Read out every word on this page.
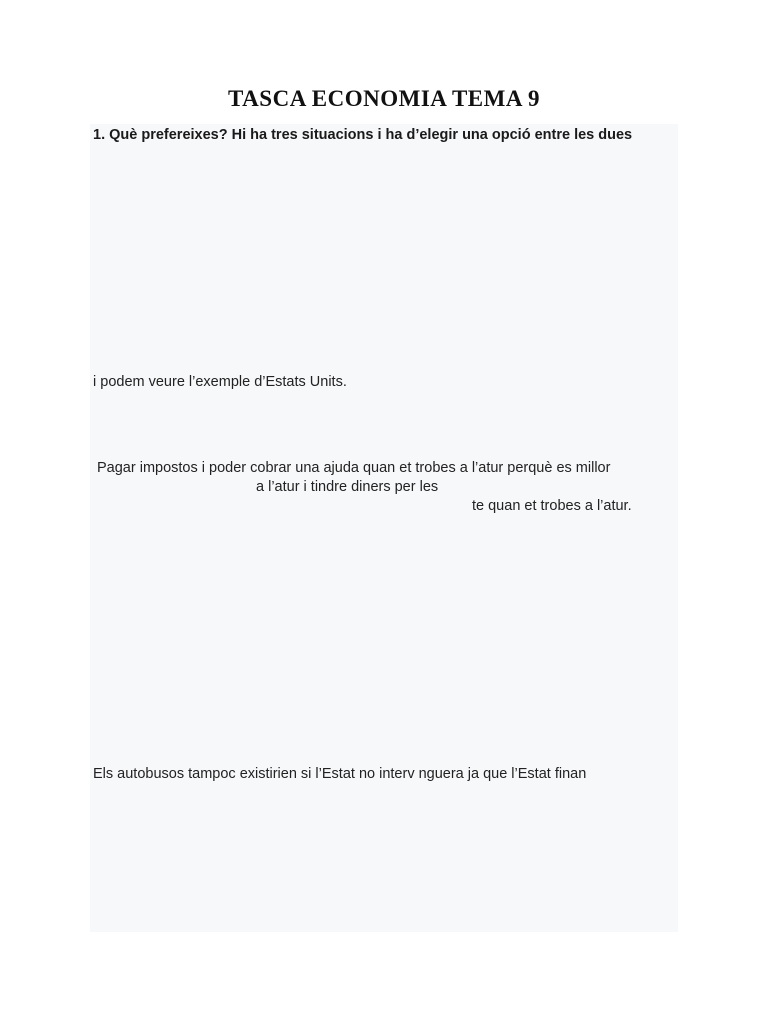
TASCA ECONOMIA TEMA 9
1. Què prefereixes? Hi ha tres situacions i ha d’elegir una opció entre les dues
i podem veure l’exemple d’Estats Units.
Pagar impostos i poder cobrar una ajuda quan et trobes a l’atur perquè es millor
a l’atur i tindre diners per les
te quan et trobes a l’atur.
Els autobusos tampoc existirien si l’Estat no interv nguera ja que l’Estat finan
